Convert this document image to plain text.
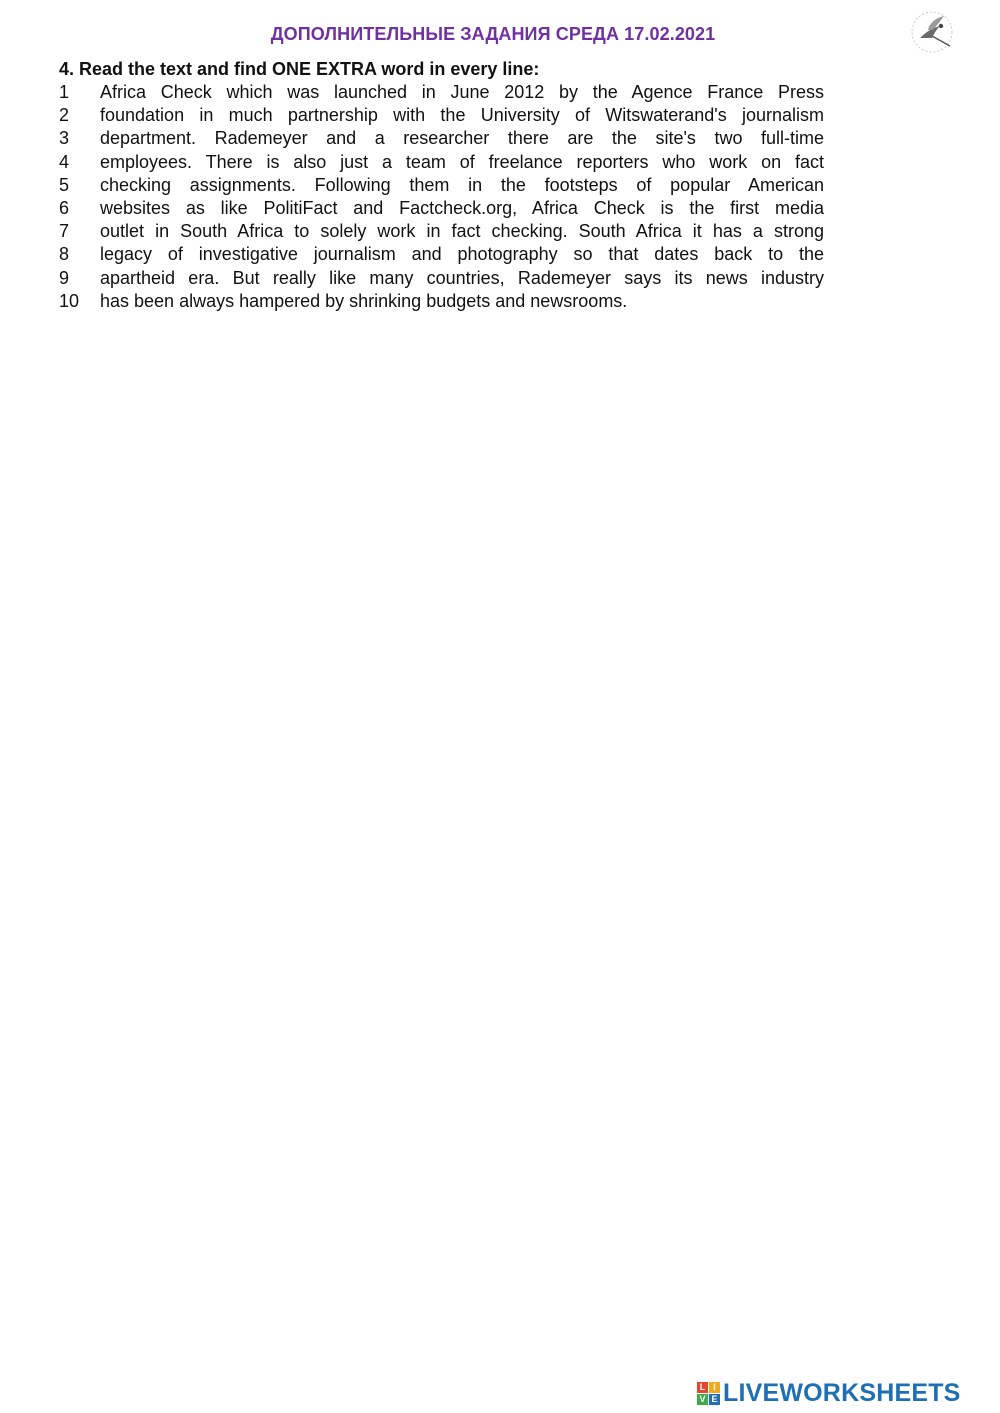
ДОПОЛНИТЕЛЬНЫЕ ЗАДАНИЯ СРЕДА 17.02.2021
4. Read the text and find ONE EXTRA word in every line:
1	Africa Check which was launched in June 2012 by the Agence France Press
2	foundation in much partnership with the University of Witswaterand's journalism
3	department. Rademeyer and a researcher there are the site's two full-time
4	employees. There is also just a team of freelance reporters who work on fact
5	checking assignments. Following them in the footsteps of popular American
6	websites as like PolitiFact and Factcheck.org, Africa Check is the first media
7	outlet in South Africa to solely work in fact checking. South Africa it has a strong
8	legacy of investigative journalism and photography so that dates back to the
9	apartheid era. But really like many countries, Rademeyer says its news industry
10	has been always hampered by shrinking budgets and newsrooms.
L I
V E LIVEWORKSHEETS
